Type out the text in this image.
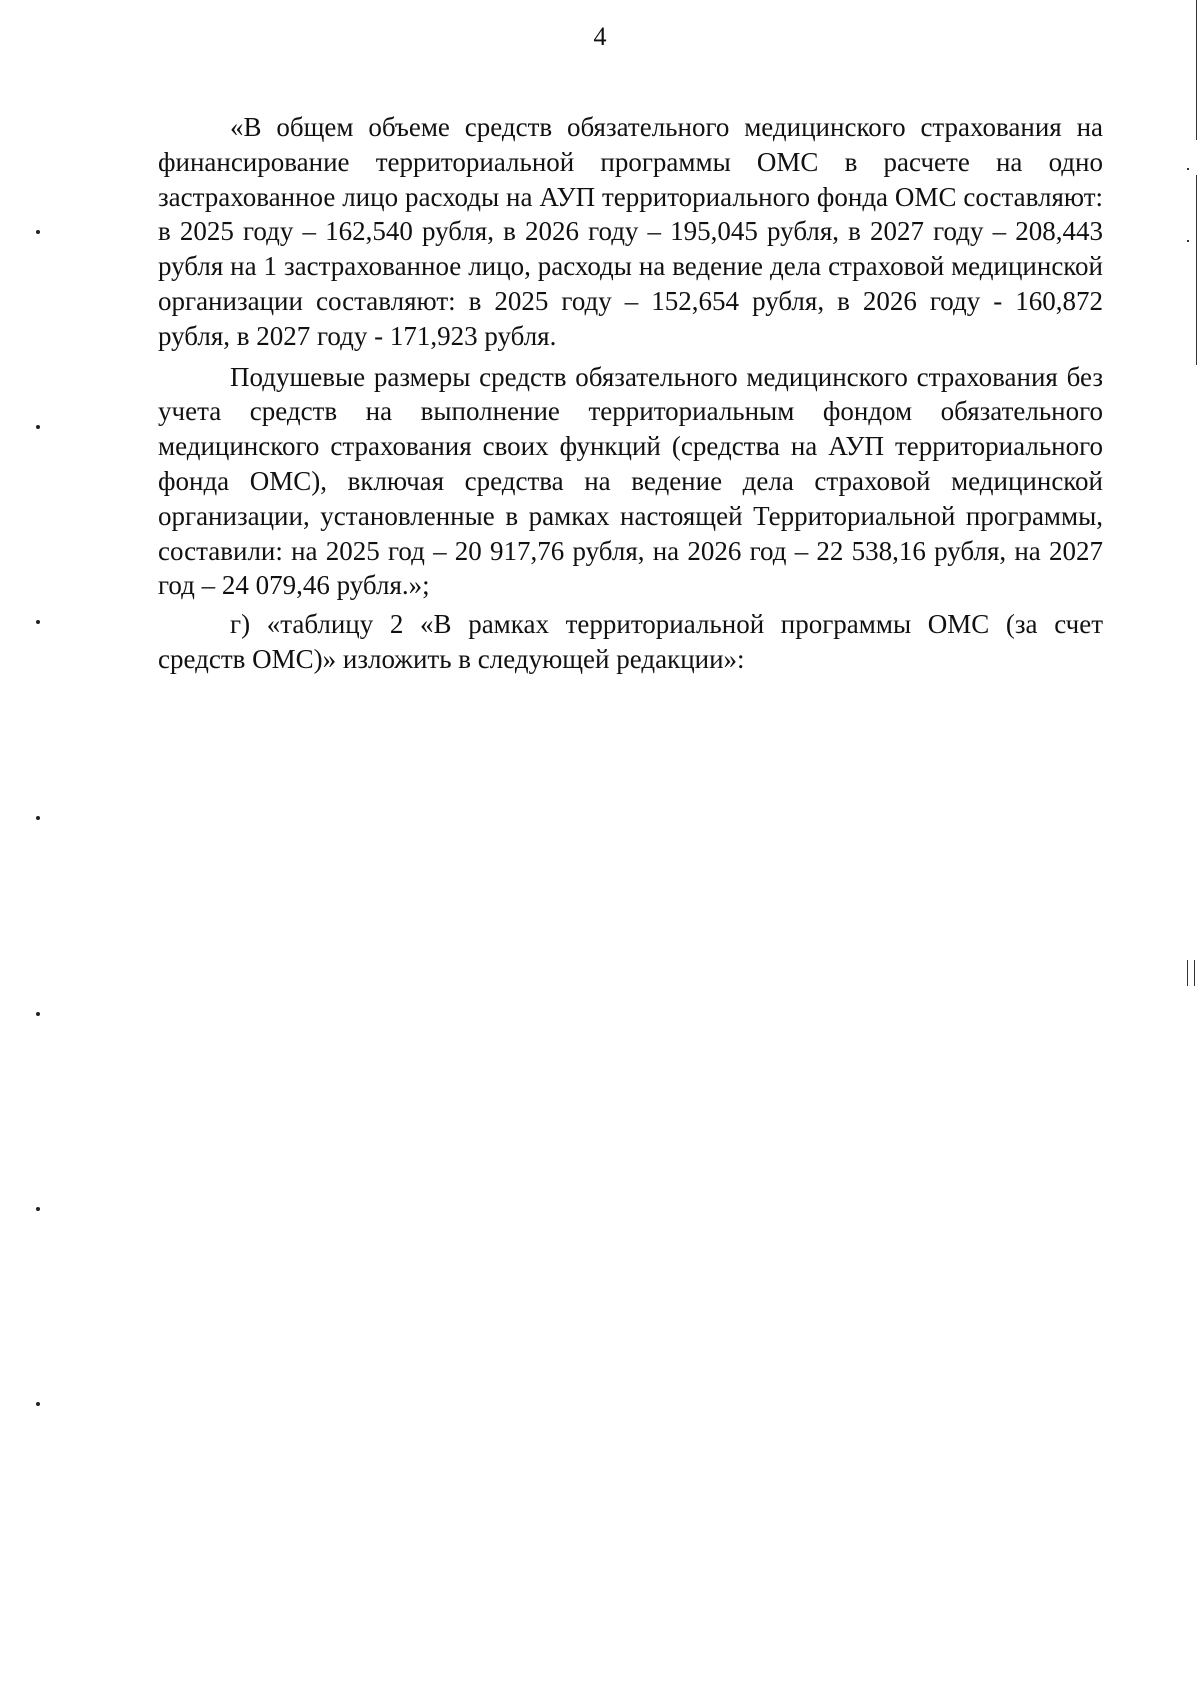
4

«В общем объеме средств обязательного медицинского страхования на финансирование территориальной программы ОМС в расчете на одно застрахованное лицо расходы на АУП территориального фонда ОМС составляют: в 2025 году – 162,540 рубля, в 2026 году – 195,045 рубля, в 2027 году – 208,443 рубля на 1 застрахованное лицо, расходы на ведение дела страховой медицинской организации составляют: в 2025 году – 152,654 рубля, в 2026 году - 160,872 рубля, в 2027 году - 171,923 рубля.

Подушевые размеры средств обязательного медицинского страхования без учета средств на выполнение территориальным фондом обязательного медицинского страхования своих функций (средства на АУП территориального фонда ОМС), включая средства на ведение дела страховой медицинской организации, установленные в рамках настоящей Территориальной программы, составили: на 2025 год – 20 917,76 рубля, на 2026 год – 22 538,16 рубля, на 2027 год – 24 079,46 рубля.»;

г) «таблицу 2 «В рамках территориальной программы ОМС (за счет средств ОМС)» изложить в следующей редакции»:
